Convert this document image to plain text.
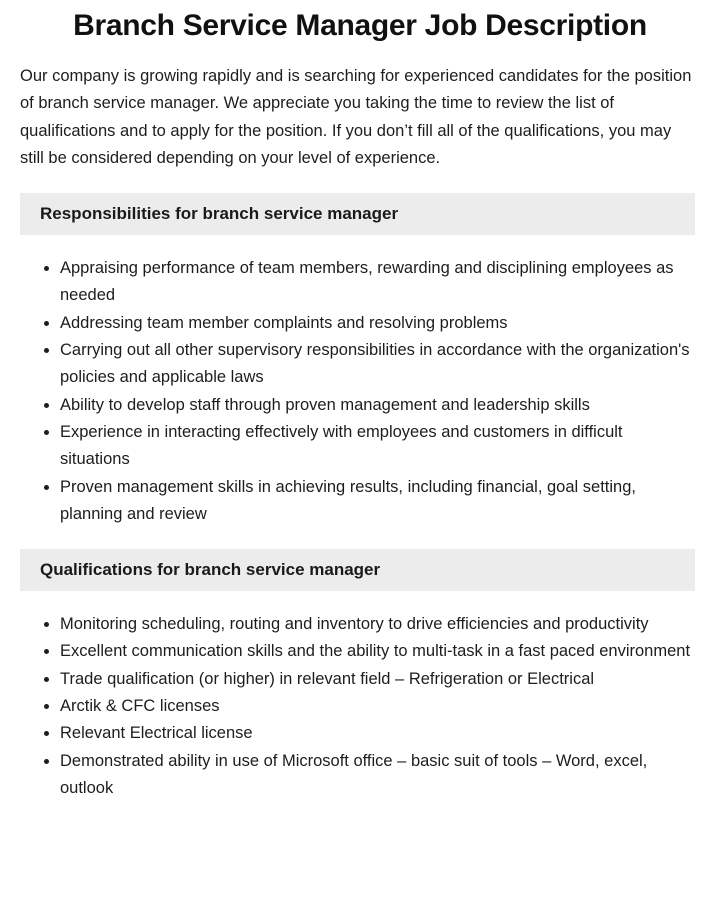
Branch Service Manager Job Description

Our company is growing rapidly and is searching for experienced candidates for the position of branch service manager. We appreciate you taking the time to review the list of qualifications and to apply for the position. If you don’t fill all of the qualifications, you may still be considered depending on your level of experience.

Responsibilities for branch service manager
Appraising performance of team members, rewarding and disciplining employees as needed
Addressing team member complaints and resolving problems
Carrying out all other supervisory responsibilities in accordance with the organization's policies and applicable laws
Ability to develop staff through proven management and leadership skills
Experience in interacting effectively with employees and customers in difficult situations
Proven management skills in achieving results, including financial, goal setting, planning and review
Qualifications for branch service manager
Monitoring scheduling, routing and inventory to drive efficiencies and productivity
Excellent communication skills and the ability to multi-task in a fast paced environment
Trade qualification (or higher) in relevant field – Refrigeration or Electrical
Arctik & CFC licenses
Relevant Electrical license
Demonstrated ability in use of Microsoft office – basic suit of tools – Word, excel, outlook
